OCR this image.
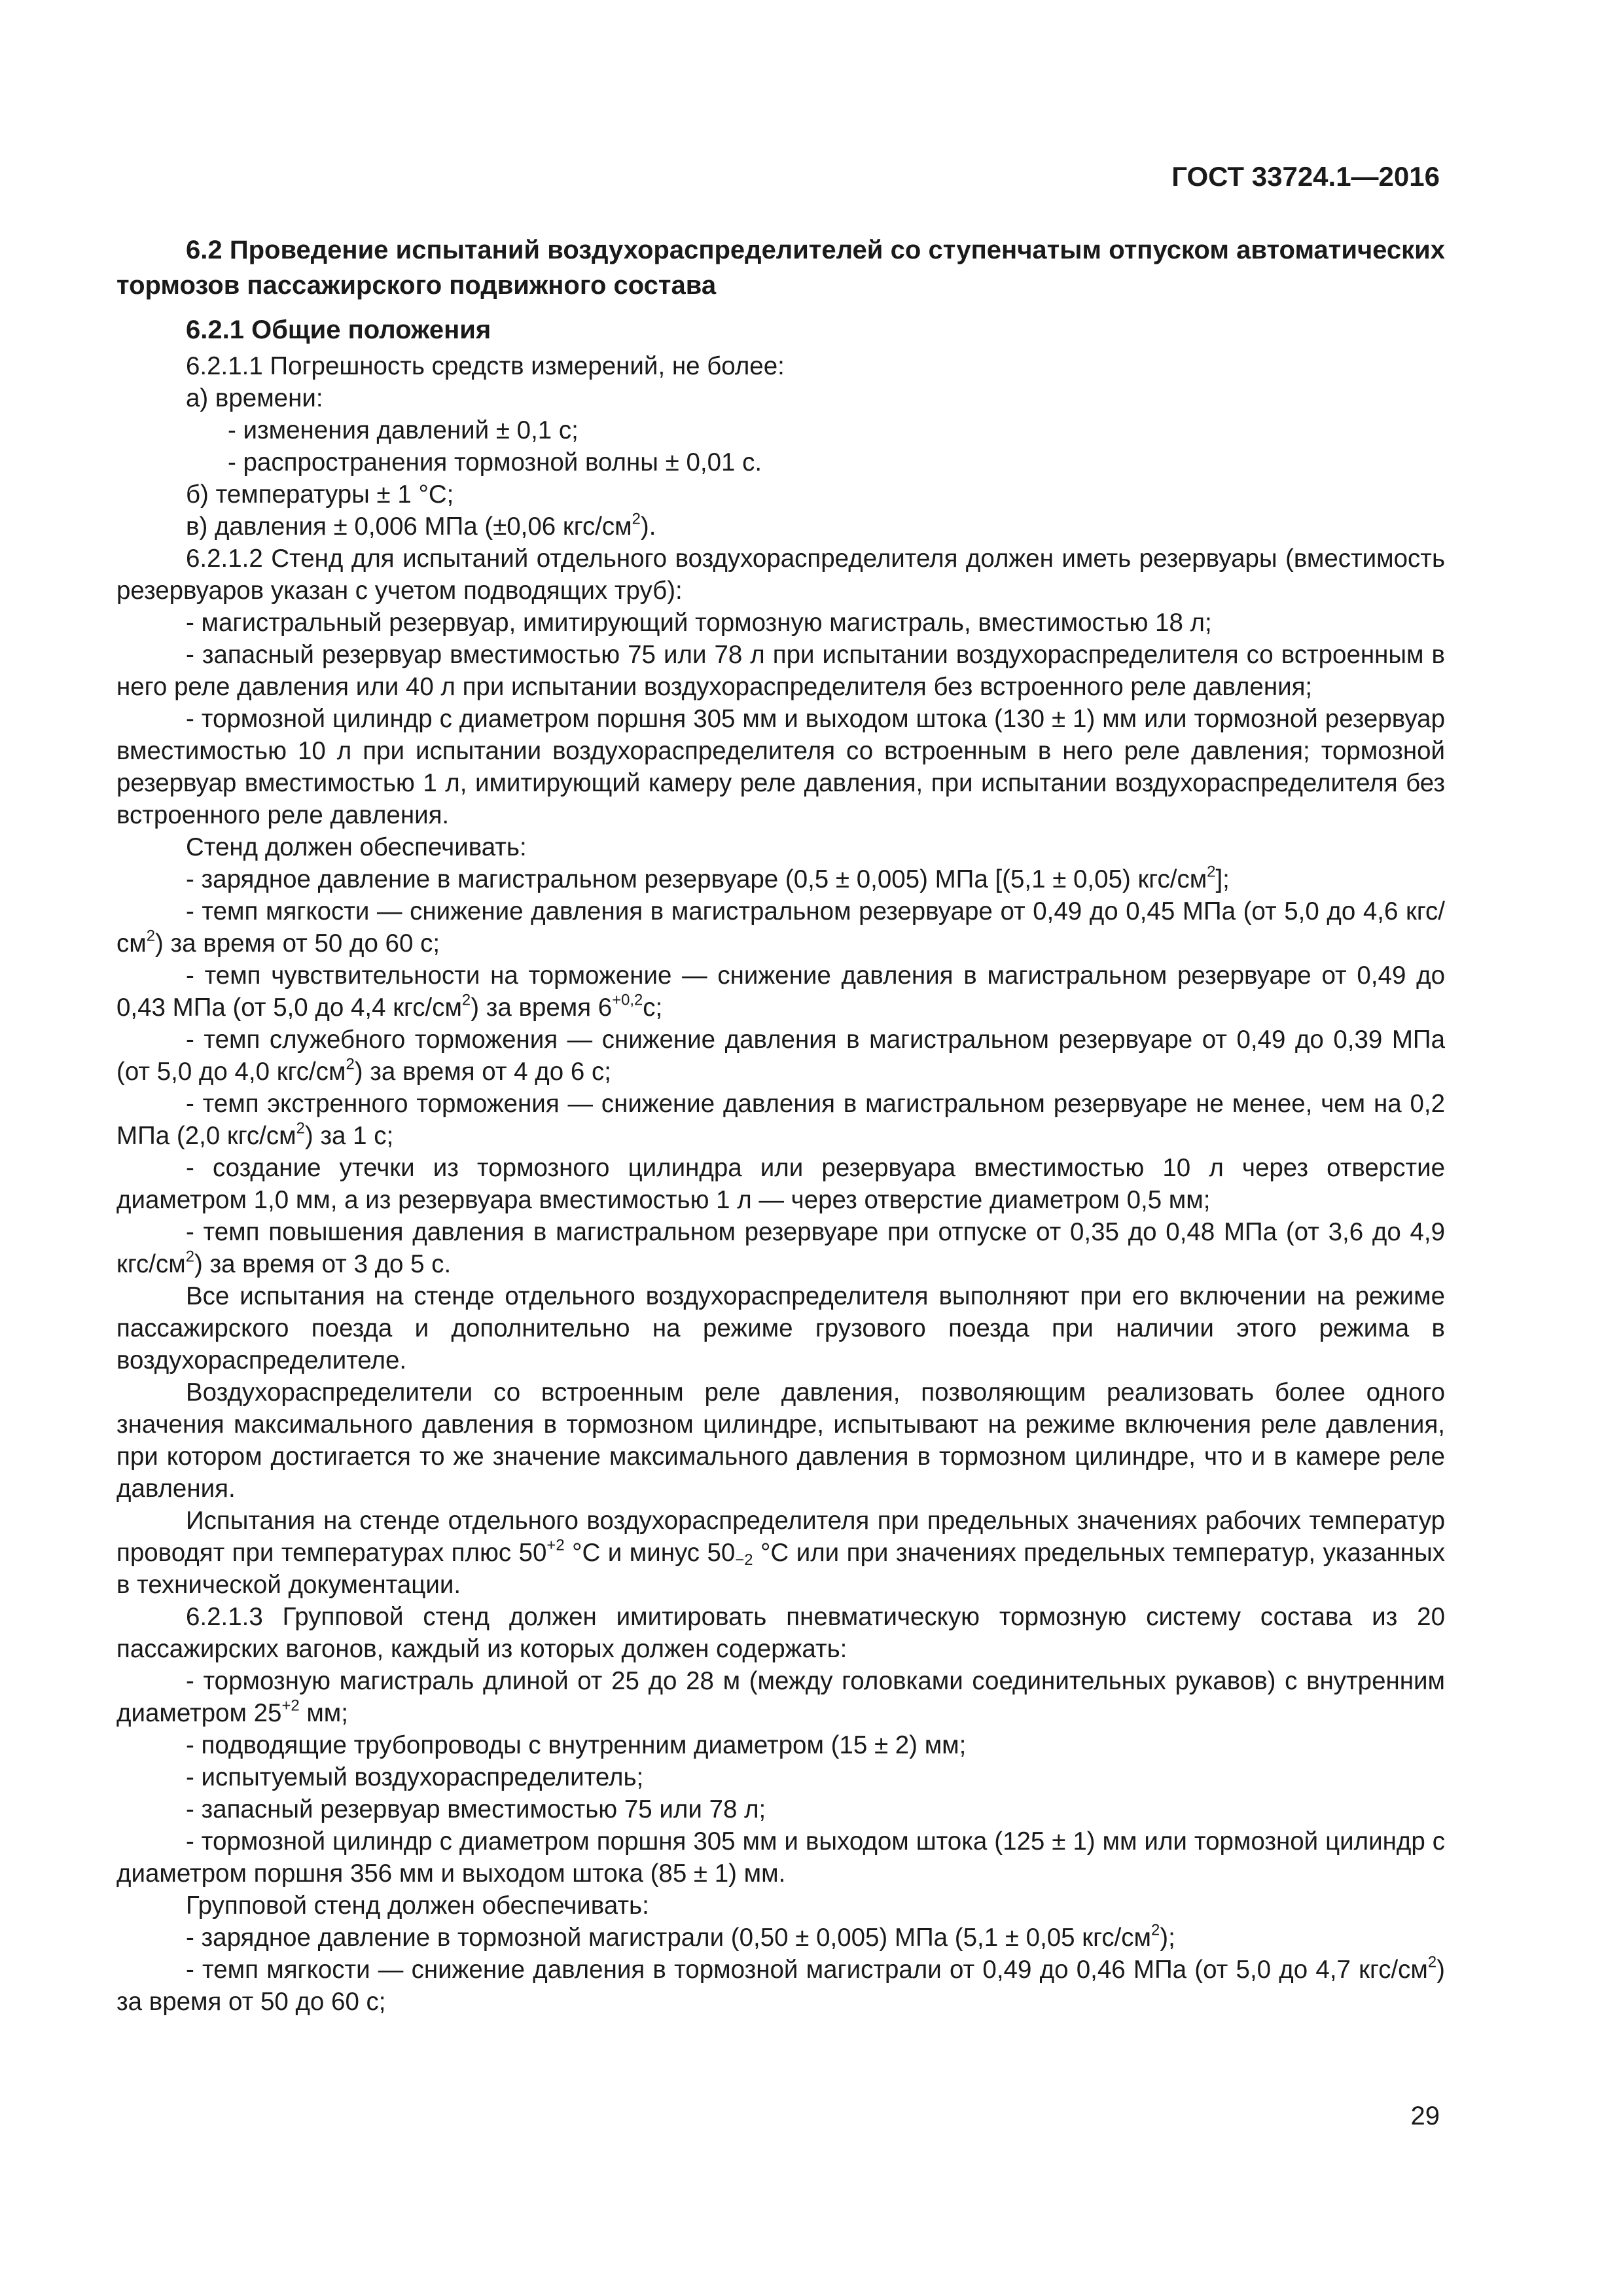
ГОСТ 33724.1—2016

6.2 Проведение испытаний воздухораспределителей со ступенчатым отпуском автоматических тормозов пассажирского подвижного состава

6.2.1 Общие положения

6.2.1.1 Погрешность средств измерений, не более:

а) времени:

- изменения давлений ± 0,1 с;

- распространения тормозной волны ± 0,01 с.

б) температуры ± 1 °С;

в) давления ± 0,006 МПа (±0,06 кгс/$см^2$).

6.2.1.2 Стенд для испытаний отдельного воздухораспределителя должен иметь резервуары (вместимость резервуаров указан с учетом подводящих труб):

- магистральный резервуар, имитирующий тормозную магистраль, вместимостью 18 л;

- запасный резервуар вместимостью 75 или 78 л при испытании воздухораспределителя со встроенным в него реле давления или 40 л при испытании воздухораспределителя без встроенного реле давления;

- тормозной цилиндр с диаметром поршня 305 мм и выходом штока (130 ± 1) мм или тормозной резервуар вместимостью 10 л при испытании воздухораспределителя со встроенным в него реле давления; тормозной резервуар вместимостью 1 л, имитирующий камеру реле давления, при испытании воздухораспределителя без встроенного реле давления.

Стенд должен обеспечивать:

- зарядное давление в магистральном резервуаре (0,5 ± 0,005) МПа [(5,1 ± 0,05) кгс/$см^2$];

- темп мягкости — снижение давления в магистральном резервуаре от 0,49 до 0,45 МПа (от 5,0 до 4,6 кгс/$см^2$) за время от 50 до 60 с;

- темп чувствительности на торможение — снижение давления в магистральном резервуаре от 0,49 до 0,43 МПа (от 5,0 до 4,4 кгс/$см^2$) за время $6^{+0,2}с$;

- темп служебного торможения — снижение давления в магистральном резервуаре от 0,49 до 0,39 МПа (от 5,0 до 4,0 кгс/$см^2$) за время от 4 до 6 с;

- темп экстренного торможения — снижение давления в магистральном резервуаре не менее, чем на 0,2 МПа (2,0 кгс/$см^2$) за 1 с;

- создание утечки из тормозного цилиндра или резервуара вместимостью 10 л через отверстие диаметром 1,0 мм, а из резервуара вместимостью 1 л — через отверстие диаметром 0,5 мм;

- темп повышения давления в магистральном резервуаре при отпуске от 0,35 до 0,48 МПа (от 3,6 до 4,9 кгс/$см^2$) за время от 3 до 5 с.

Все испытания на стенде отдельного воздухораспределителя выполняют при его включении на режиме пассажирского поезда и дополнительно на режиме грузового поезда при наличии этого режима в воздухораспределителе.

Воздухораспределители со встроенным реле давления, позволяющим реализовать более одного значения максимального давления в тормозном цилиндре, испытывают на режиме включения реле давления, при котором достигается то же значение максимального давления в тормозном цилиндре, что и в камере реле давления.

Испытания на стенде отдельного воздухораспределителя при предельных значениях рабочих температур проводят при температурах плюс $50^{+2}$ °С и минус $50_{-2}$ °С или при значениях предельных температур, указанных в технической документации.

6.2.1.3 Групповой стенд должен имитировать пневматическую тормозную систему состава из 20 пассажирских вагонов, каждый из которых должен содержать:

- тормозную магистраль длиной от 25 до 28 м (между головками соединительных рукавов) с внутренним диаметром $25^{+2}$ мм;

- подводящие трубопроводы с внутренним диаметром (15 ± 2) мм;

- испытуемый воздухораспределитель;

- запасный резервуар вместимостью 75 или 78 л;

- тормозной цилиндр с диаметром поршня 305 мм и выходом штока (125 ± 1) мм или тормозной цилиндр с диаметром поршня 356 мм и выходом штока (85 ± 1) мм.

Групповой стенд должен обеспечивать:

- зарядное давление в тормозной магистрали (0,50 ± 0,005) МПа (5,1 ± 0,05 кгс/$см^2$);

- темп мягкости — снижение давления в тормозной магистрали от 0,49 до 0,46 МПа (от 5,0 до 4,7 кгс/$см^2$) за время от 50 до 60 с;

29
